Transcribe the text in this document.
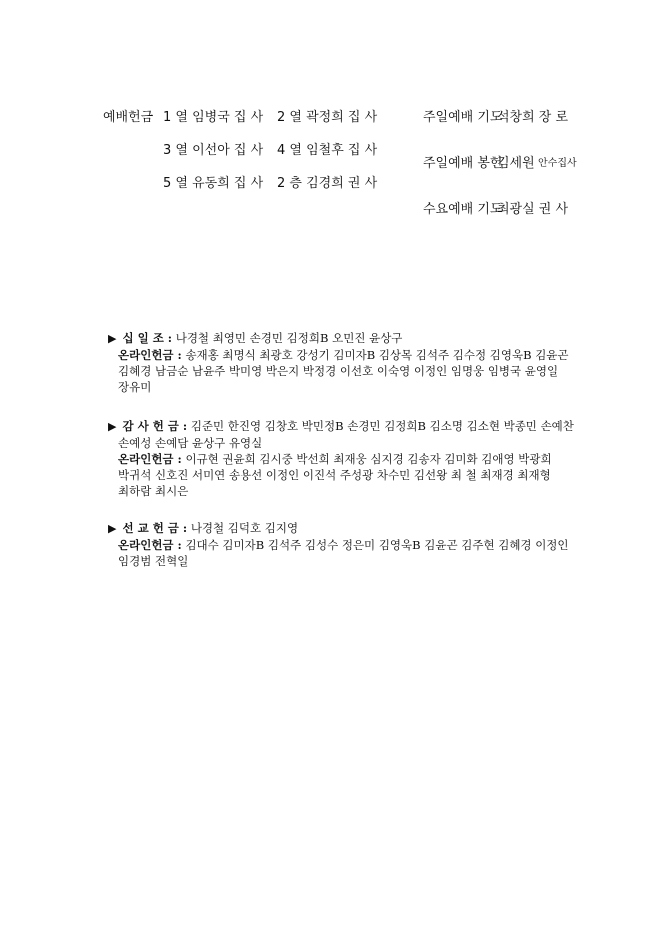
예배헌금 1 열 임병국 집 사 2 열 곽정희 집 사
3 열 이선아 집 사 4 열 임철후 집 사
5 열 유동희 집 사 2 층 김경희 권 사
주일예배 기도
석창희 장 로
주일예배 봉헌
김세원 안수집사
수요예배 기도
최광실 권 사
▶ 십 일 조 : 나경철 최영민 손경민 김정희B 오민진 윤상구
온라인헌금 : 송재홍 최명식 최광호 강성기 김미자B 김상목 김석주 김수정 김영욱B 김윤곤
김혜경 남금순 남윤주 박미영 박은지 박정경 이선호 이숙영 이정인 임명웅 임병국 윤영일
장유미
▶ 감 사 헌 금 : 김준민 한진영 김창호 박민정B 손경민 김정희B 김소명 김소현 박종민 손예찬
손예성 손예담 윤상구 유영실
온라인헌금 : 이규현 권윤희 김시중 박선희 최재웅 심지경 김송자 김미화 김애영 박광희
박귀석 신호진 서미연 송용선 이정인 이진석 주성광 차수민 김선왕 최 철 최재경 최재형
최하람 최시은
▶ 선 교 헌 금 : 나경철 김덕호 김지영
온라인헌금 : 김대수 김미자B 김석주 김성수 정은미 김영욱B 김윤곤 김주현 김혜경 이정인
임경범 전혁일
